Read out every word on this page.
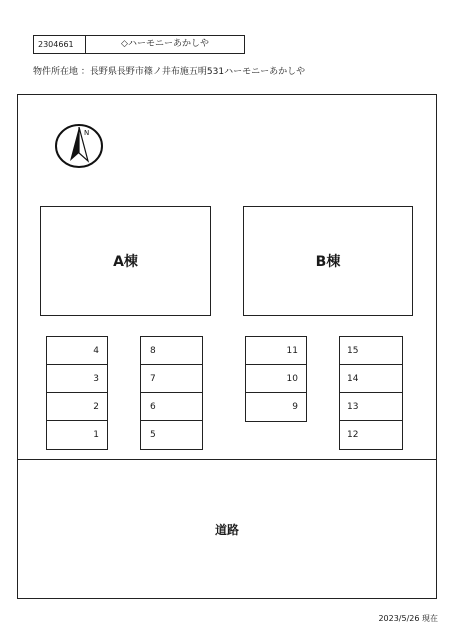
2304661	◇ハーモニーあかしや
物件所在地 ：長野県長野市篠ノ井布施五明531ハーモニーあかしや
N
A棟	B棟
4
3
2
1
8
7
6
5
11
10
9
15
14
13
12
道路
2023/5/26 現在
